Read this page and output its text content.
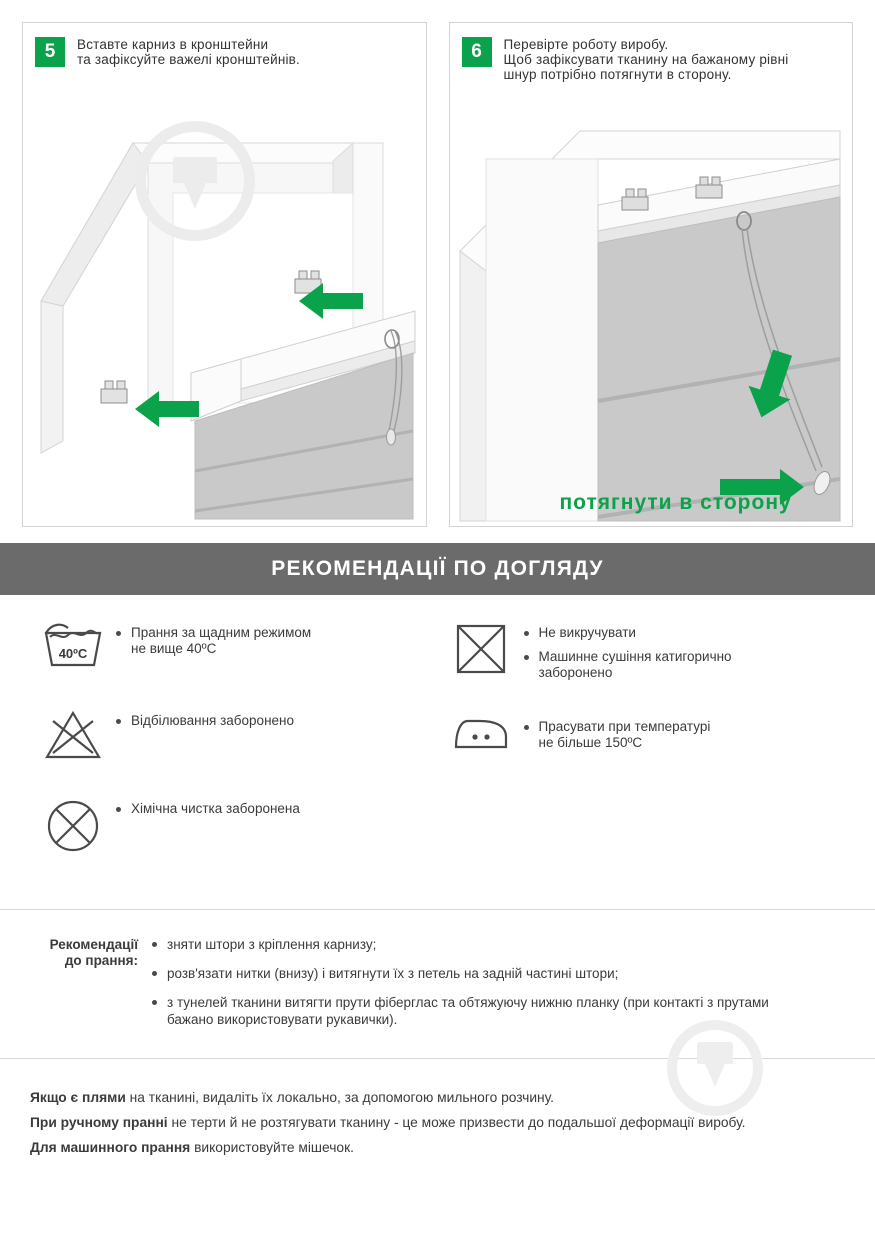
5	Вставте карниз в кронштейни
та зафіксуйте важелі кронштейнів.	6	Перевірте роботу виробу.
Щоб зафіксувати тканину на бажаному рівні
шнур потрібно потягнути в сторону.
потягнути в сторону
РЕКОМЕНДАЦІЇ ПО ДОГЛЯДУ
40ºC
Прання за щадним режимом
не вище 40ºС
Відбілювання заборонено
Хімічна чистка заборонена
Не викручувати
Машинне сушіння катигорично
заборонено
Прасувати при температурі
не більше 150ºС
Рекомендації
до прання:
зняти штори з кріплення карнизу;
розв'язати нитки (внизу) і витягнути їх з петель на задній частині штори;
з тунелей тканини витягти прути фіберглас та обтяжуючу нижню планку (при контакті з прутами
бажано використовувати рукавички).
Якщо є плями на тканині, видаліть їх локально, за допомогою мильного розчину.
При ручному пранні не терти й не розтягувати тканину - це може призвести до подальшої деформації виробу.
Для машинного прання використовуйте мішечок.
